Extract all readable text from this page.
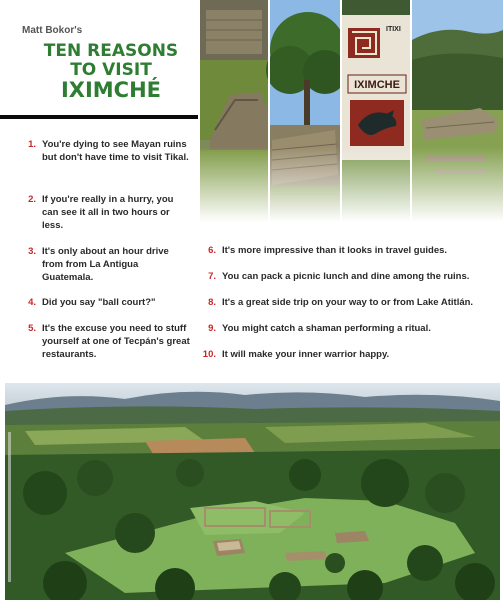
Matt Bokor's
TEN REASONS
TO VISIT
IXIMCHÉ
ITIXI
IXIMCHE
1. You're dying to see Mayan ruins but don't have time to visit Tikal.
2. If you're really in a hurry, you can see it all in two hours or less.
3. It's only about an hour drive from from La Antigua Guatemala.
4. Did you say "ball court?"
5. It's the excuse you need to stuff yourself at one of Tecpán's great restaurants.
6. It's more impressive than it looks in travel guides.
7. You can pack a picnic lunch and dine among the ruins.
8. It's a great side trip on your way to or from Lake Atitlán.
9. You might catch a shaman performing a ritual.
10. It will make your inner warrior happy.
